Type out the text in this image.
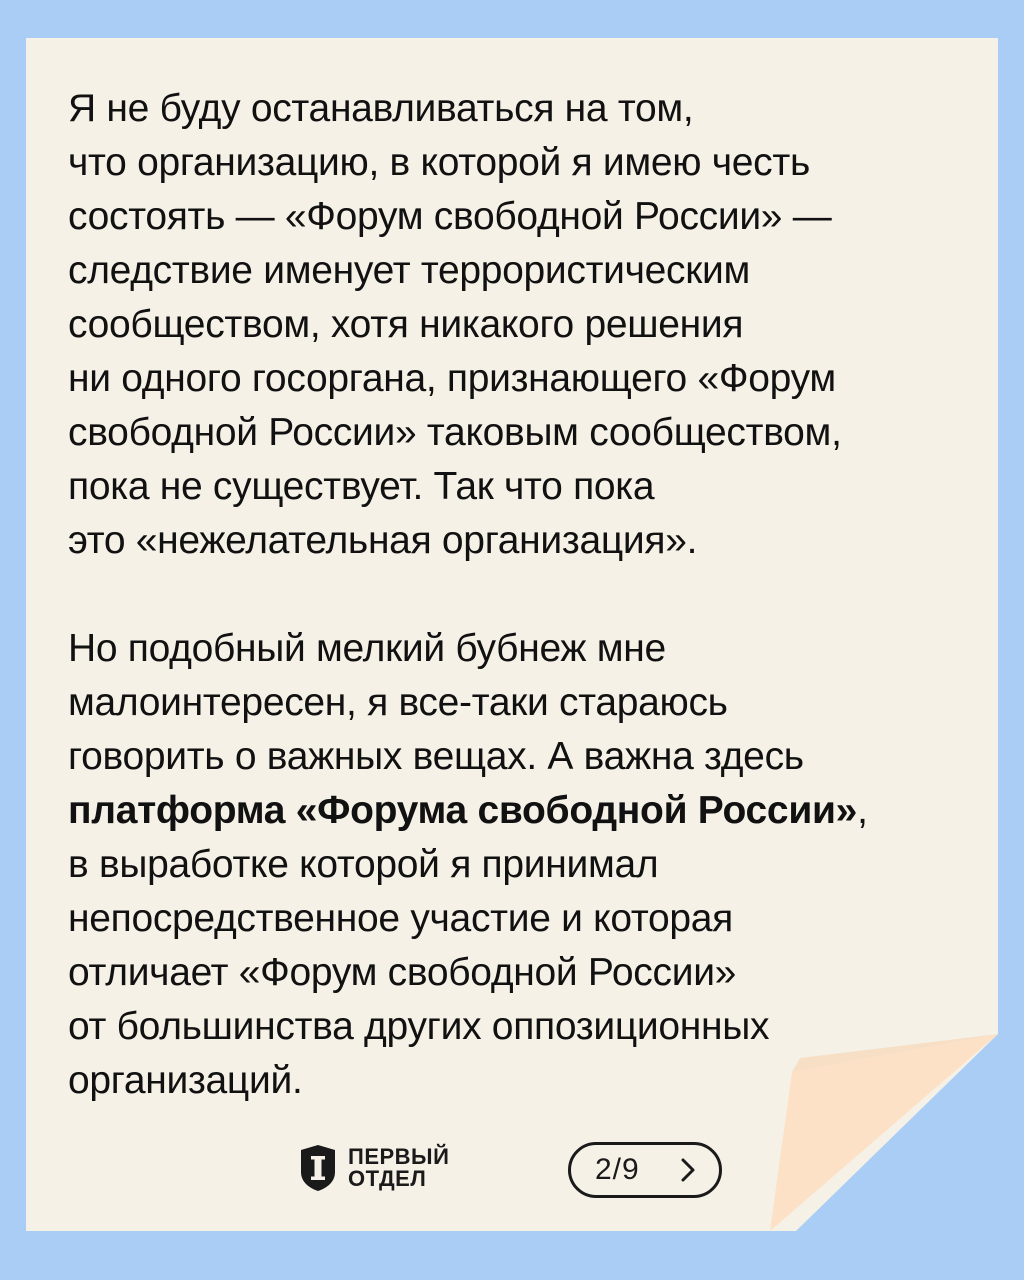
Я не буду останавливаться на том,
что организацию, в которой я имею честь
состоять — «Форум свободной России» —
следствие именует террористическим
сообществом, хотя никакого решения
ни одного госоргана, признающего «Форум
свободной России» таковым сообществом,
пока не существует. Так что пока
это «нежелательная организация».

Но подобный мелкий бубнеж мне
малоинтересен, я все-таки стараюсь
говорить о важных вещах. А важна здесь
платформа «Форума свободной России»,
в выработке которой я принимал
непосредственное участие и которая
отличает «Форум свободной России»
от большинства других оппозиционных
организаций.

ПЕРВЫЙ
ОТДЕЛ	2/9
